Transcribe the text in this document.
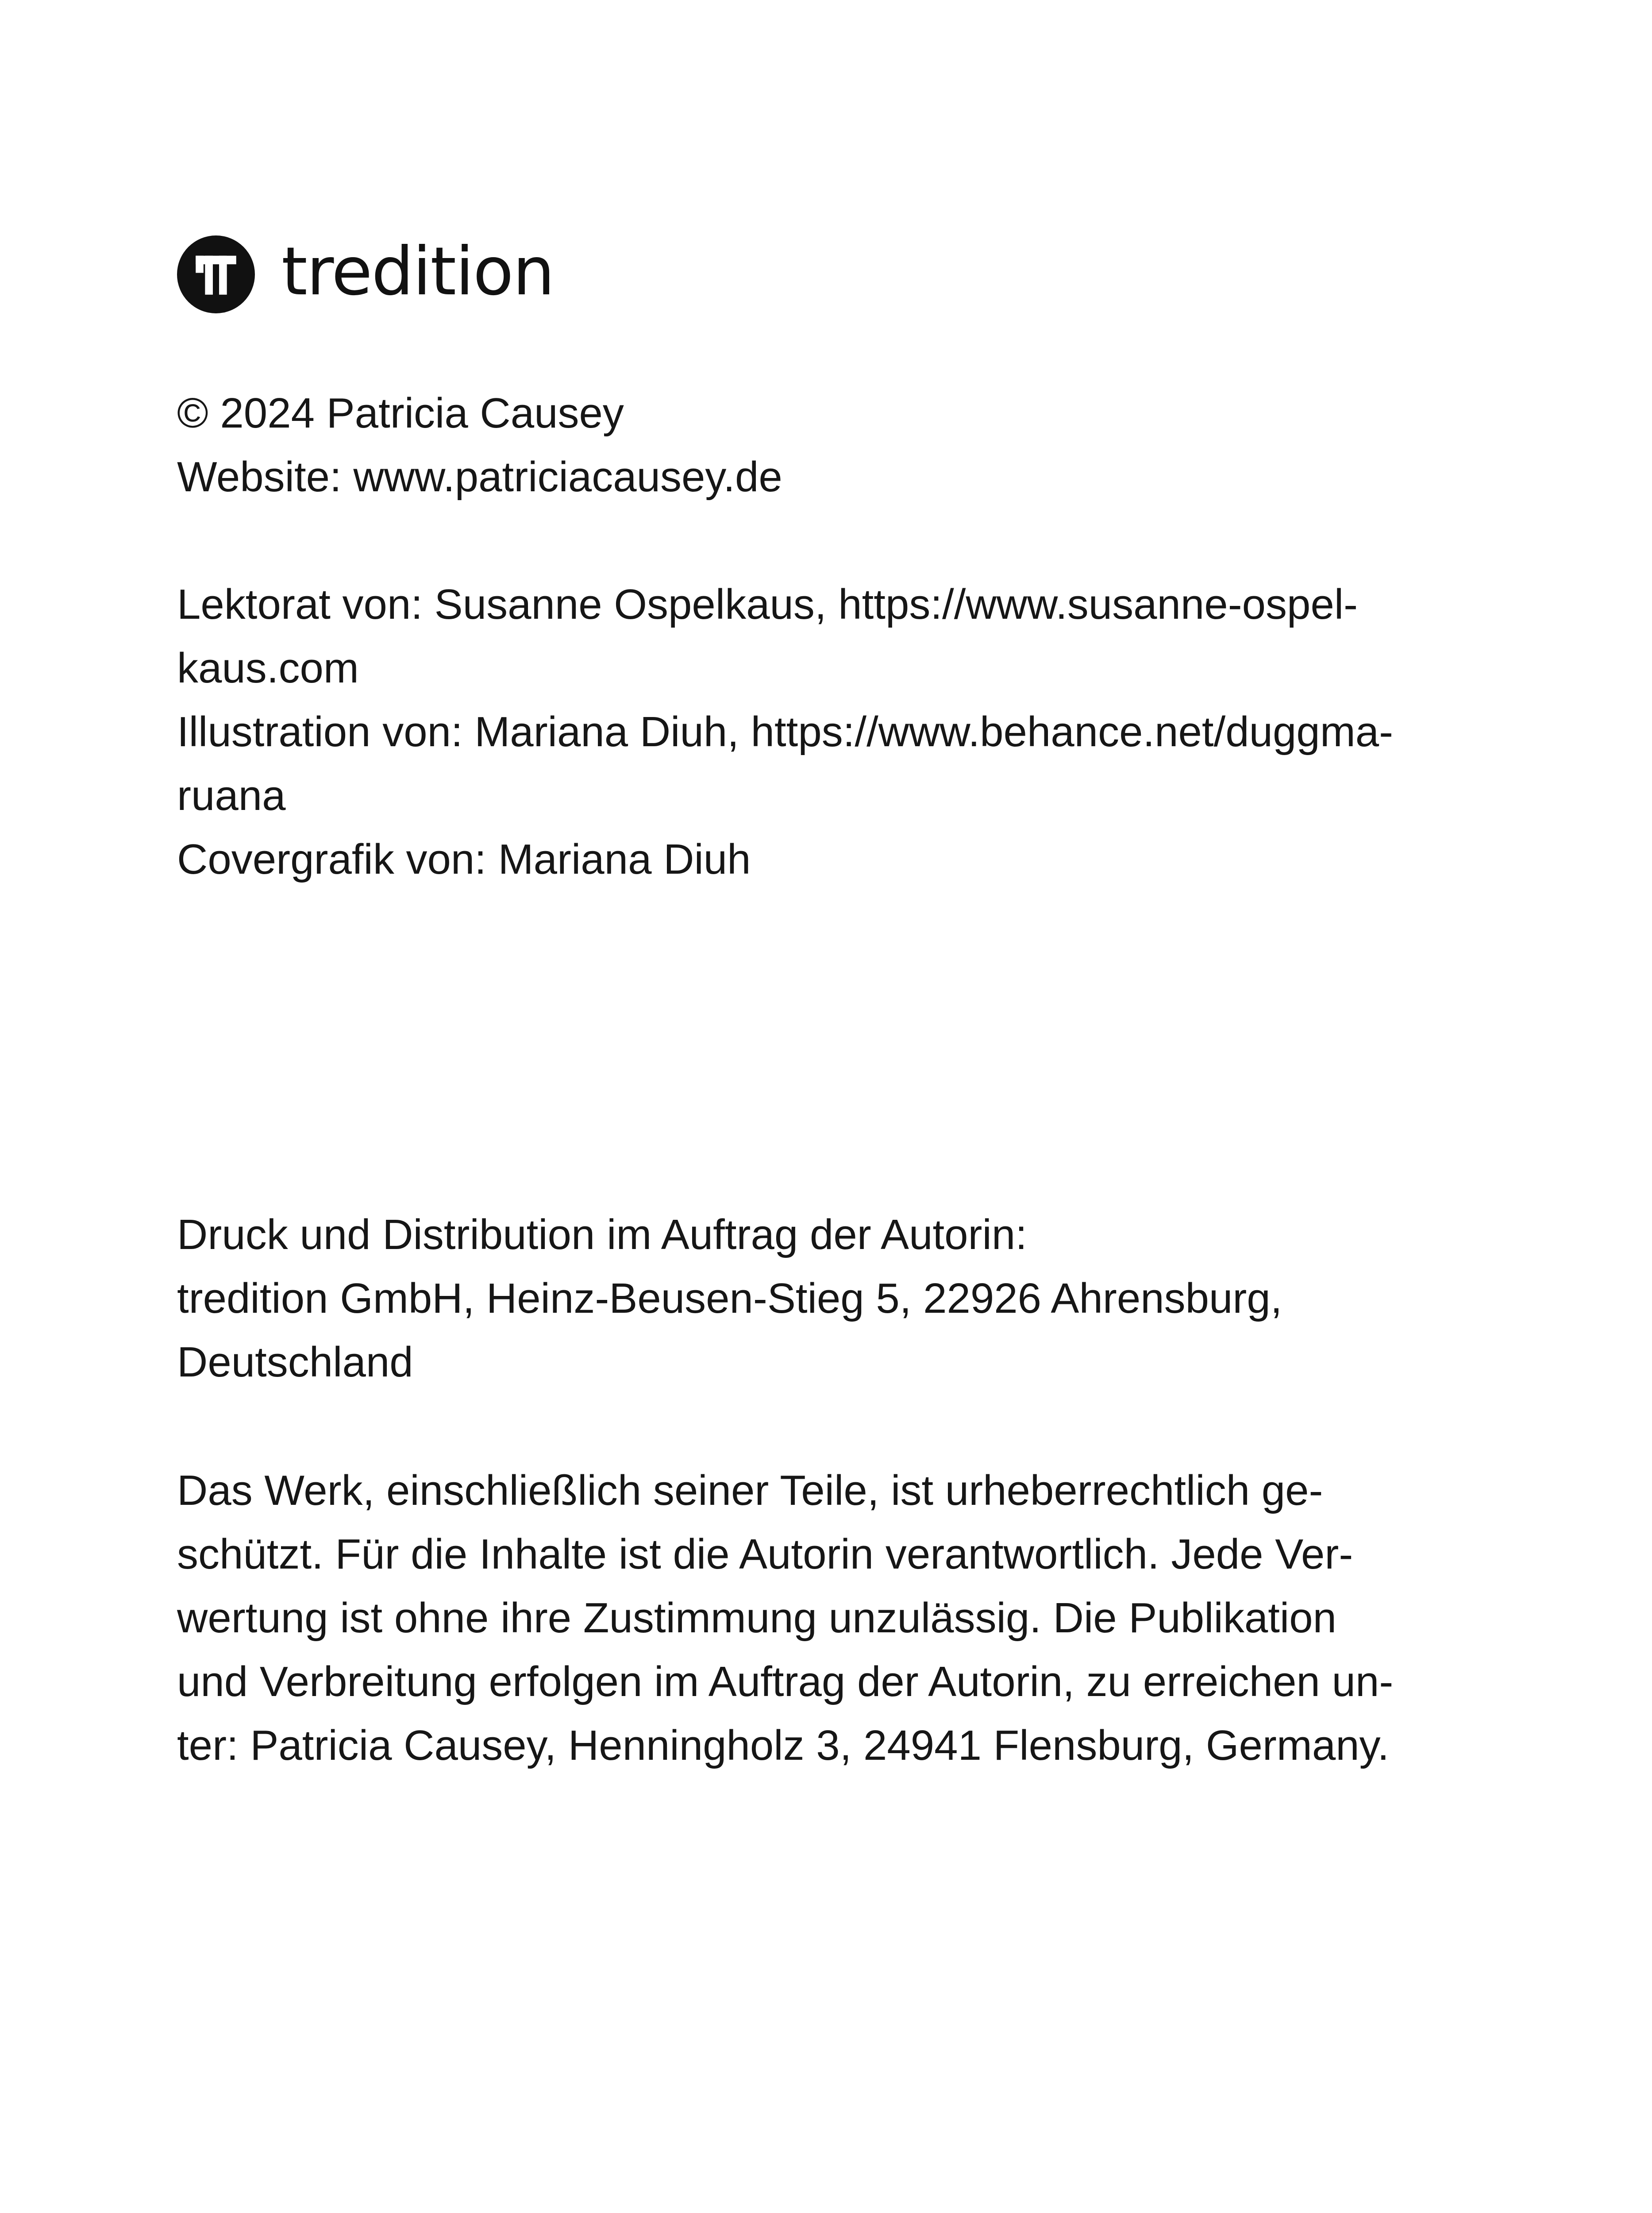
tredition
© 2024 Patricia Causey
Website: www.patriciacausey.de
Lektorat von: Susanne Ospelkaus, https://www.susanne-ospel-
kaus.com
Illustration von: Mariana Diuh, https://www.behance.net/duggma-
ruana
Covergrafik von: Mariana Diuh
Druck und Distribution im Auftrag der Autorin:
tredition GmbH, Heinz-Beusen-Stieg 5, 22926 Ahrensburg,
Deutschland
Das Werk, einschließlich seiner Teile, ist urheberrechtlich ge-
schützt. Für die Inhalte ist die Autorin verantwortlich. Jede Ver-
wertung ist ohne ihre Zustimmung unzulässig. Die Publikation
und Verbreitung erfolgen im Auftrag der Autorin, zu erreichen un-
ter: Patricia Causey, Henningholz 3, 24941 Flensburg, Germany.
